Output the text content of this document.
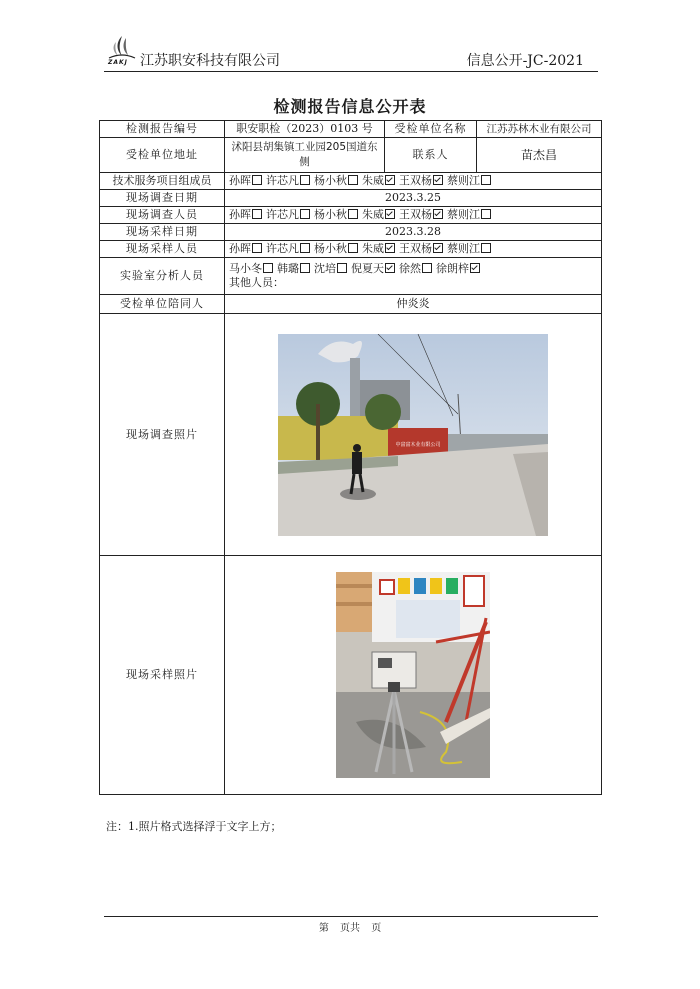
ZAKJ 江苏职安科技有限公司	信息公开-JC-2021
检测报告信息公开表
检测报告编号	职安职检（2023）0103 号	受检单位名称	江苏苏林木业有限公司
受检单位地址	沭阳县胡集镇工业园205国道东侧	联系人	苗杰昌
技术服务项目组成员	孙晖 许芯凡 杨小秋 朱威 王双杨 蔡则江		
现场调查日期	2023.3.25		
现场调查人员	孙晖 许芯凡 杨小秋 朱威 王双杨 蔡则江		
现场采样日期	2023.3.28		
现场采样人员	孙晖 许芯凡 杨小秋 朱威 王双杨 蔡则江		
实验室分析人员	马小冬 韩璐 沈培 倪夏天 徐然 徐朗梓
其他人员：		

受检单位陪同人	仲炎炎		
现场调查照片	中富富木业有限公司		

现场采样照片	
注：1.照片格式选择浮于文字上方；
第 页共 页
